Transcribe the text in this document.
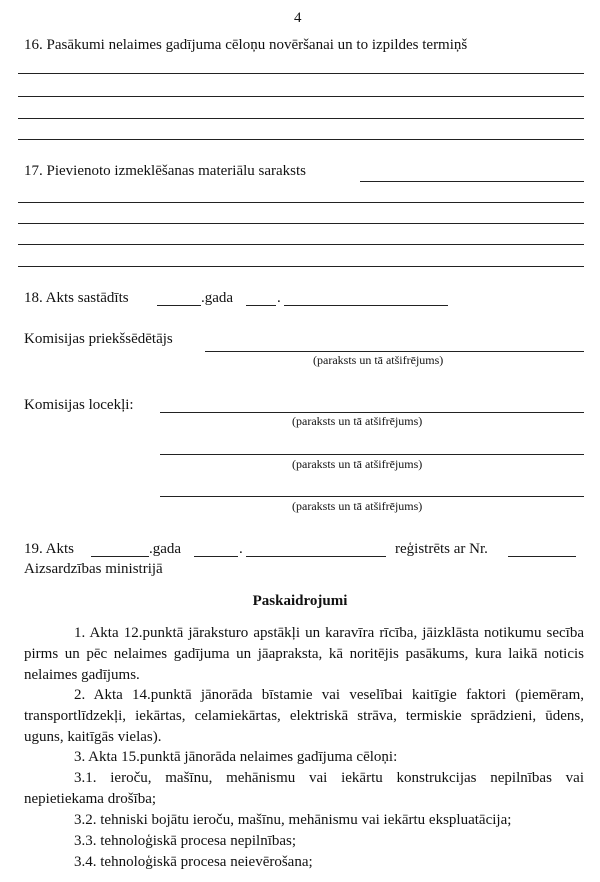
4
16. Pasākumi nelaimes gadījuma cēloņu novēršanai un to izpildes termiņš
17. Pievienoto izmeklēšanas materiālu saraksts
18. Akts sastādīts	.gada	.
Komisijas priekšsēdētājs
(paraksts un tā atšifrējums)
Komisijas locekļi:
(paraksts un tā atšifrējums)
(paraksts un tā atšifrējums)
(paraksts un tā atšifrējums)
19. Akts	.gada	.	reģistrēts ar Nr.
Aizsardzības ministrijā
Paskaidrojumi
1. Akta 12.punktā jāraksturo apstākļi un karavīra rīcība, jāizklāsta notikumu secība pirms un pēc nelaimes gadījuma un jāapraksta, kā noritējis pasākums, kura laikā noticis nelaimes gadījums.
2. Akta 14.punktā jānorāda bīstamie vai veselībai kaitīgie faktori (piemēram, transportlīdzekļi, iekārtas, celamiekārtas, elektriskā strāva, termiskie sprādzieni, ūdens, uguns, kaitīgās vielas).
3. Akta 15.punktā jānorāda nelaimes gadījuma cēloņi:
3.1. ieroču, mašīnu, mehānismu vai iekārtu konstrukcijas nepilnības vai nepietiekama drošība;
3.2. tehniski bojātu ieroču, mašīnu, mehānismu vai iekārtu ekspluatācija;
3.3. tehnoloģiskā procesa nepilnības;
3.4. tehnoloģiskā procesa neievērošana;
